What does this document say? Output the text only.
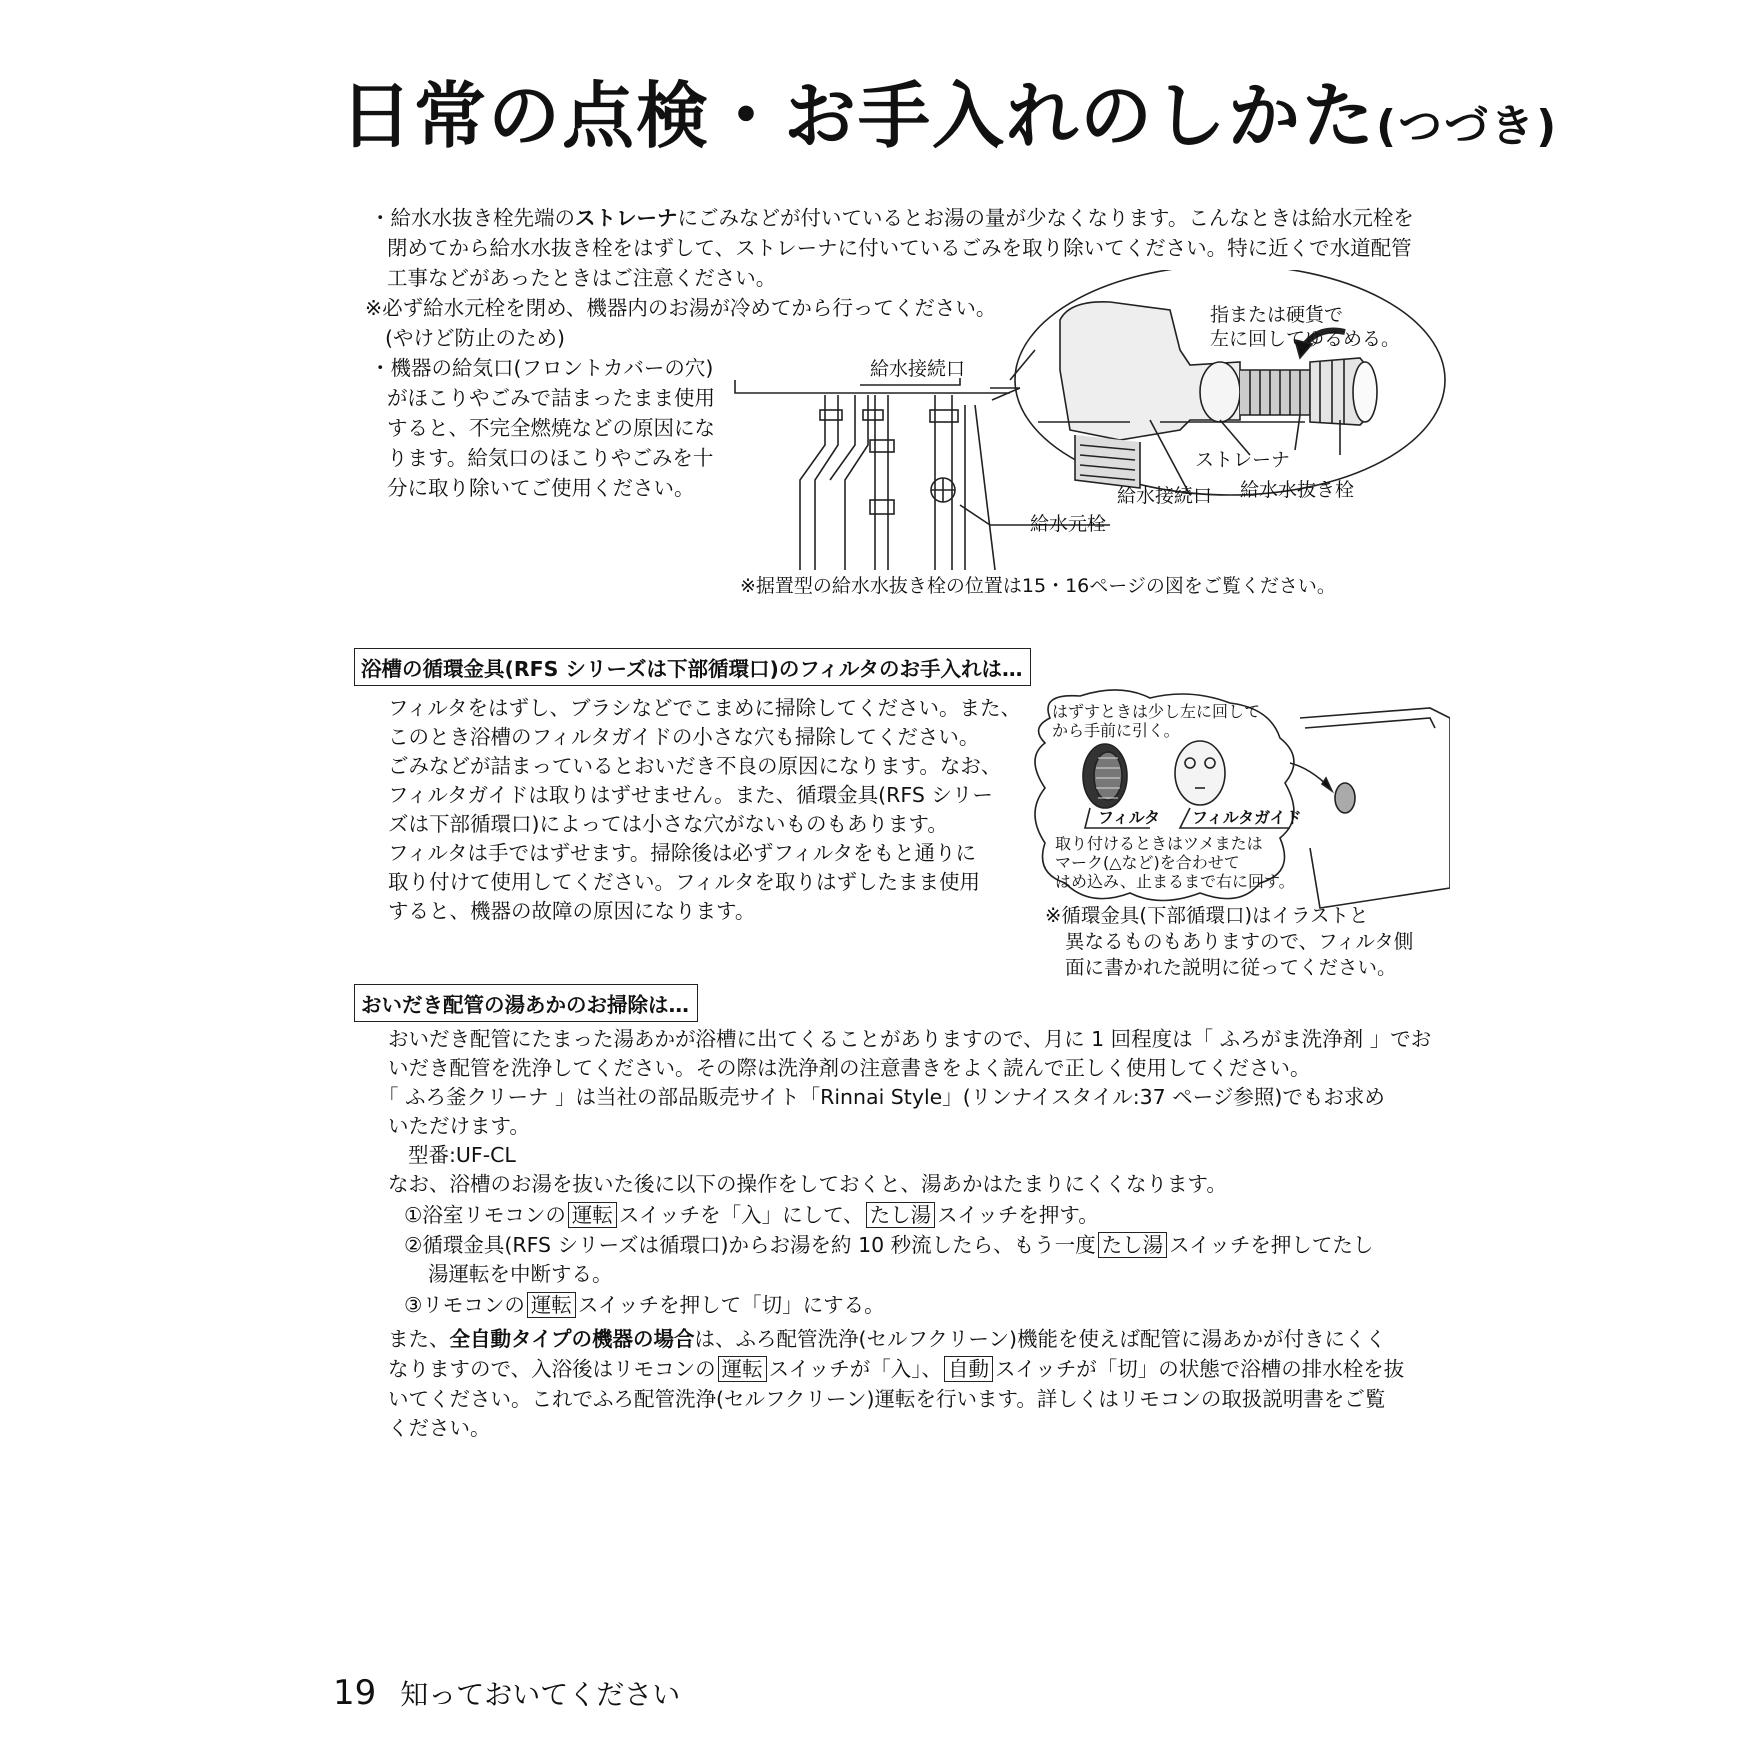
日常の点検・お手入れのしかた(つづき)
・給水水抜き栓先端のストレーナにごみなどが付いているとお湯の量が少なくなります。こんなときは給水元栓を
閉めてから給水水抜き栓をはずして、ストレーナに付いているごみを取り除いてください。特に近くで水道配管
工事などがあったときはご注意ください。
※必ず給水元栓を閉め、機器内のお湯が冷めてから行ってください。
(やけど防止のため)
・機器の給気口(フロントカバーの穴)
がほこりやごみで詰まったまま使用
すると、不完全燃焼などの原因にな
ります。給気口のほこりやごみを十
分に取り除いてご使用ください。
給水接続口
指または硬貨で
左に回してゆるめる。
ストレーナ
給水接続口 給水水抜き栓
給水元栓
※据置型の給水水抜き栓の位置は15・16ページの図をご覧ください。
浴槽の循環金具(RFS シリーズは下部循環口)のフィルタのお手入れは…
フィルタをはずし、ブラシなどでこまめに掃除してください。また、
このとき浴槽のフィルタガイドの小さな穴も掃除してください。
ごみなどが詰まっているとおいだき不良の原因になります。なお、
フィルタガイドは取りはずせません。また、循環金具(RFS シリー
ズは下部循環口)によっては小さな穴がないものもあります。
フィルタは手ではずせます。掃除後は必ずフィルタをもと通りに
取り付けて使用してください。フィルタを取りはずしたまま使用
すると、機器の故障の原因になります。
はずすときは少し左に回して
から手前に引く。
フィルタ フィルタガイド
取り付けるときはツメまたは
マーク(△など)を合わせて
はめ込み、止まるまで右に回す。
※循環金具(下部循環口)はイラストと
異なるものもありますので、フィルタ側
面に書かれた説明に従ってください。
おいだき配管の湯あかのお掃除は…
おいだき配管にたまった湯あかが浴槽に出てくることがありますので、月に 1 回程度は「 ふろがま洗浄剤 」でお
いだき配管を洗浄してください。その際は洗浄剤の注意書きをよく読んで正しく使用してください。
「 ふろ釜クリーナ 」は当社の部品販売サイト「Rinnai Style」(リンナイスタイル:37 ページ参照)でもお求め
いただけます。
型番:UF-CL
なお、浴槽のお湯を抜いた後に以下の操作をしておくと、湯あかはたまりにくくなります。
①浴室リモコンの 運転 スイッチを「入」にして、 たし湯 スイッチを押す。
②循環金具(RFS シリーズは循環口)からお湯を約 10 秒流したら、もう一度 たし湯 スイッチを押してたし
湯運転を中断する。
③リモコンの 運転 スイッチを押して「切」にする。
また、全自動タイプの機器の場合は、ふろ配管洗浄(セルフクリーン)機能を使えば配管に湯あかが付きにくく
なりますので、入浴後はリモコンの 運転 スイッチが「入」、 自動 スイッチが「切」の状態で浴槽の排水栓を抜
いてください。これでふろ配管洗浄(セルフクリーン)運転を行います。詳しくはリモコンの取扱説明書をご覧
ください。
19 知っておいてください
